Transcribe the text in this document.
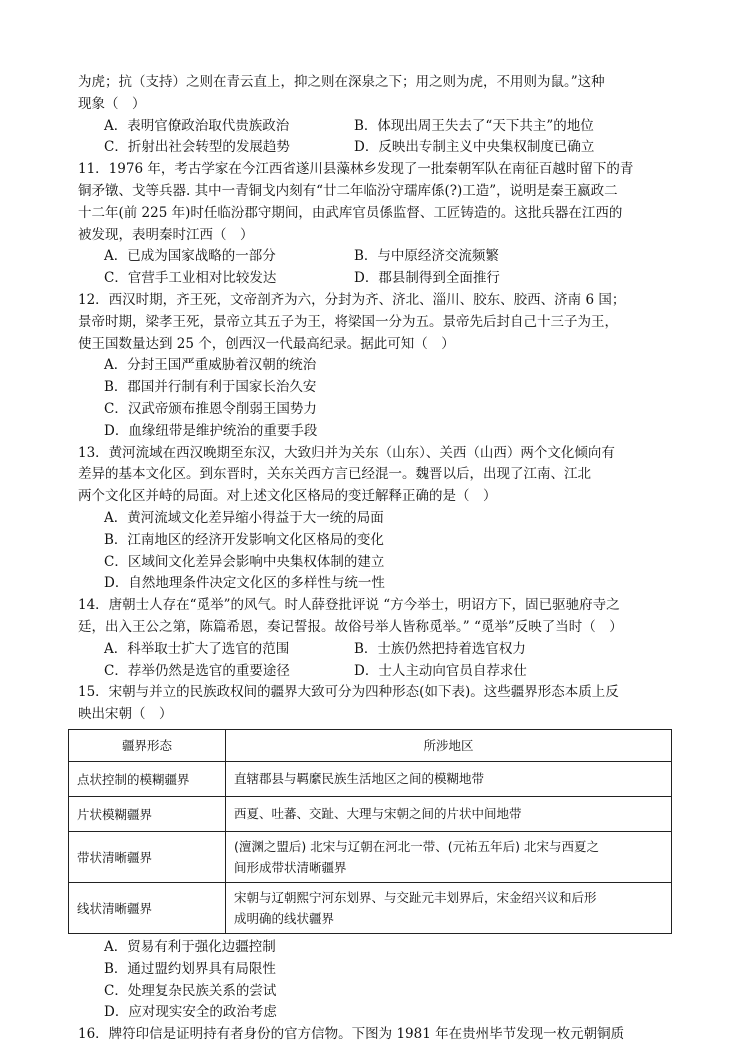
为虎；抗（支持）之则在青云直上，抑之则在深泉之下；用之则为虎，不用则为鼠。”这种
现象（　）
A．表明官僚政治取代贵族政治	B．体现出周王失去了“天下共主”的地位
C．折射出社会转型的发展趋势	D．反映出专制主义中央集权制度已确立
11．1976 年，考古学家在今江西省遂川县藻林乡发现了一批秦朝军队在南征百越时留下的青
铜矛镦、戈等兵器. 其中一青铜戈内刻有“廿二年临汾守瓀库係(?)工造”，说明是秦王嬴政二
十二年(前 225 年)时任临汾郡守期间，由武库官员係监督、工匠铸造的。这批兵器在江西的
被发现，表明秦时江西（　）
A．已成为国家战略的一部分	B．与中原经济交流频繁
C．官营手工业相对比较发达	D．郡县制得到全面推行
12．西汉时期，齐王死，文帝剖齐为六，分封为齐、济北、淄川、胶东、胶西、济南 6 国；
景帝时期，梁孝王死，景帝立其五子为王，将梁国一分为五。景帝先后封自己十三子为王，
使王国数量达到 25 个，创西汉一代最高纪录。据此可知（　）
A．分封王国严重威胁着汉朝的统治
B．郡国并行制有利于国家长治久安
C．汉武帝颁布推恩令削弱王国势力
D．血缘纽带是维护统治的重要手段
13．黄河流域在西汉晚期至东汉，大致归并为关东（山东）、关西（山西）两个文化倾向有
差异的基本文化区。到东晋时，关东关西方言已经混一。魏晋以后，出现了江南、江北
两个文化区并峙的局面。对上述文化区格局的变迁解释正确的是（　）
A．黄河流域文化差异缩小得益于大一统的局面
B．江南地区的经济开发影响文化区格局的变化
C．区域间文化差异会影响中央集权体制的建立
D．自然地理条件决定文化区的多样性与统一性
14．唐朝士人存在“觅举”的风气。时人薛登批评说 “方今举士，明诏方下，固已驱驰府寺之
廷，出入王公之第，陈篇希恩，奏记誓报。故俗号举人皆称觅举。” “觅举”反映了当时（　）
A．科举取士扩大了选官的范围	B．士族仍然把持着选官权力
C．荐举仍然是选官的重要途径	D．士人主动向官员自荐求仕
15．宋朝与并立的民族政权间的疆界大致可分为四种形态(如下表)。这些疆界形态本质上反
映出宋朝（　）
疆界形态	所涉地区
点状控制的模糊疆界	直辖郡县与羁縻民族生活地区之间的模糊地带
片状模糊疆界	西夏、吐蕃、交趾、大理与宋朝之间的片状中间地带
带状清晰疆界	(澶渊之盟后) 北宋与辽朝在河北一带、(元祐五年后) 北宋与西夏之
间形成带状清晰疆界

线状清晰疆界	宋朝与辽朝熙宁河东划界、与交趾元丰划界后，宋金绍兴议和后形
成明确的线状疆界
A．贸易有利于强化边疆控制
B．通过盟约划界具有局限性
C．处理复杂民族关系的尝试
D．应对现实安全的政治考虑
16．牌符印信是证明持有者身份的官方信物。下图为 1981 年在贵州毕节发现一枚元朝铜质
